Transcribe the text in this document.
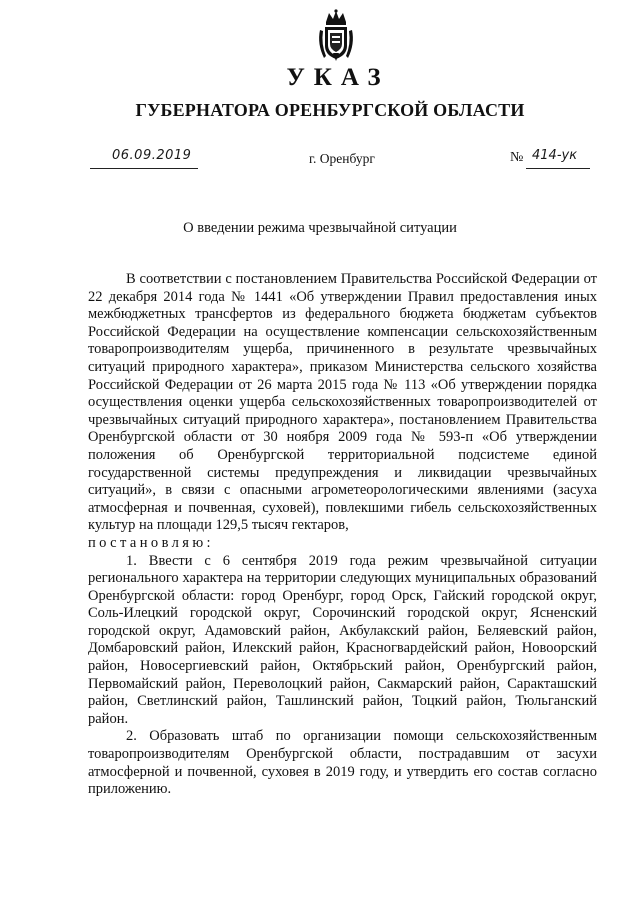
УКАЗ
ГУБЕРНАТОРА ОРЕНБУРГСКОЙ ОБЛАСТИ
06.09.2019	г. Оренбург	№ 414-ук
О введении режима чрезвычайной ситуации

В соответствии с постановлением Правительства Российской Федерации от 22 декабря 2014 года № 1441 «Об утверждении Правил предоставления иных межбюджетных трансфертов из федерального бюджета бюджетам субъектов Российской Федерации на осуществление компенсации сельскохозяйственным товаропроизводителям ущерба, причиненного в результате чрезвычайных ситуаций природного характера», приказом Министерства сельского хозяйства Российской Федерации от 26 марта 2015 года № 113 «Об утверждении порядка осуществления оценки ущерба сельскохозяйственных товаропроизводителей от чрезвычайных ситуаций природного характера», постановлением Правительства Оренбургской области от 30 ноября 2009 года № 593-п «Об утверждении положения об Оренбургской территориальной подсистеме единой государственной системы предупреждения и ликвидации чрезвычайных ситуаций», в связи с опасными агрометеорологическими явлениями (засуха атмосферная и почвенная, суховей), повлекшими гибель сельскохозяйственных культур на площади 129,5 тысяч гектаров,

постановляю:

1. Ввести с 6 сентября 2019 года режим чрезвычайной ситуации регионального характера на территории следующих муниципальных образований Оренбургской области: город Оренбург, город Орск, Гайский городской округ, Соль-Илецкий городской округ, Сорочинский городской округ, Ясненский городской округ, Адамовский район, Акбулакский район, Беляевский район, Домбаровский район, Илекский район, Красногвардейский район, Новоорский район, Новосергиевский район, Октябрьский район, Оренбургский район, Первомайский район, Переволоцкий район, Сакмарский район, Саракташский район, Светлинский район, Ташлинский район, Тоцкий район, Тюльганский район.

2. Образовать штаб по организации помощи сельскохозяйственным товаропроизводителям Оренбургской области, пострадавшим от засухи атмосферной и почвенной, суховея в 2019 году, и утвердить его состав согласно приложению.
